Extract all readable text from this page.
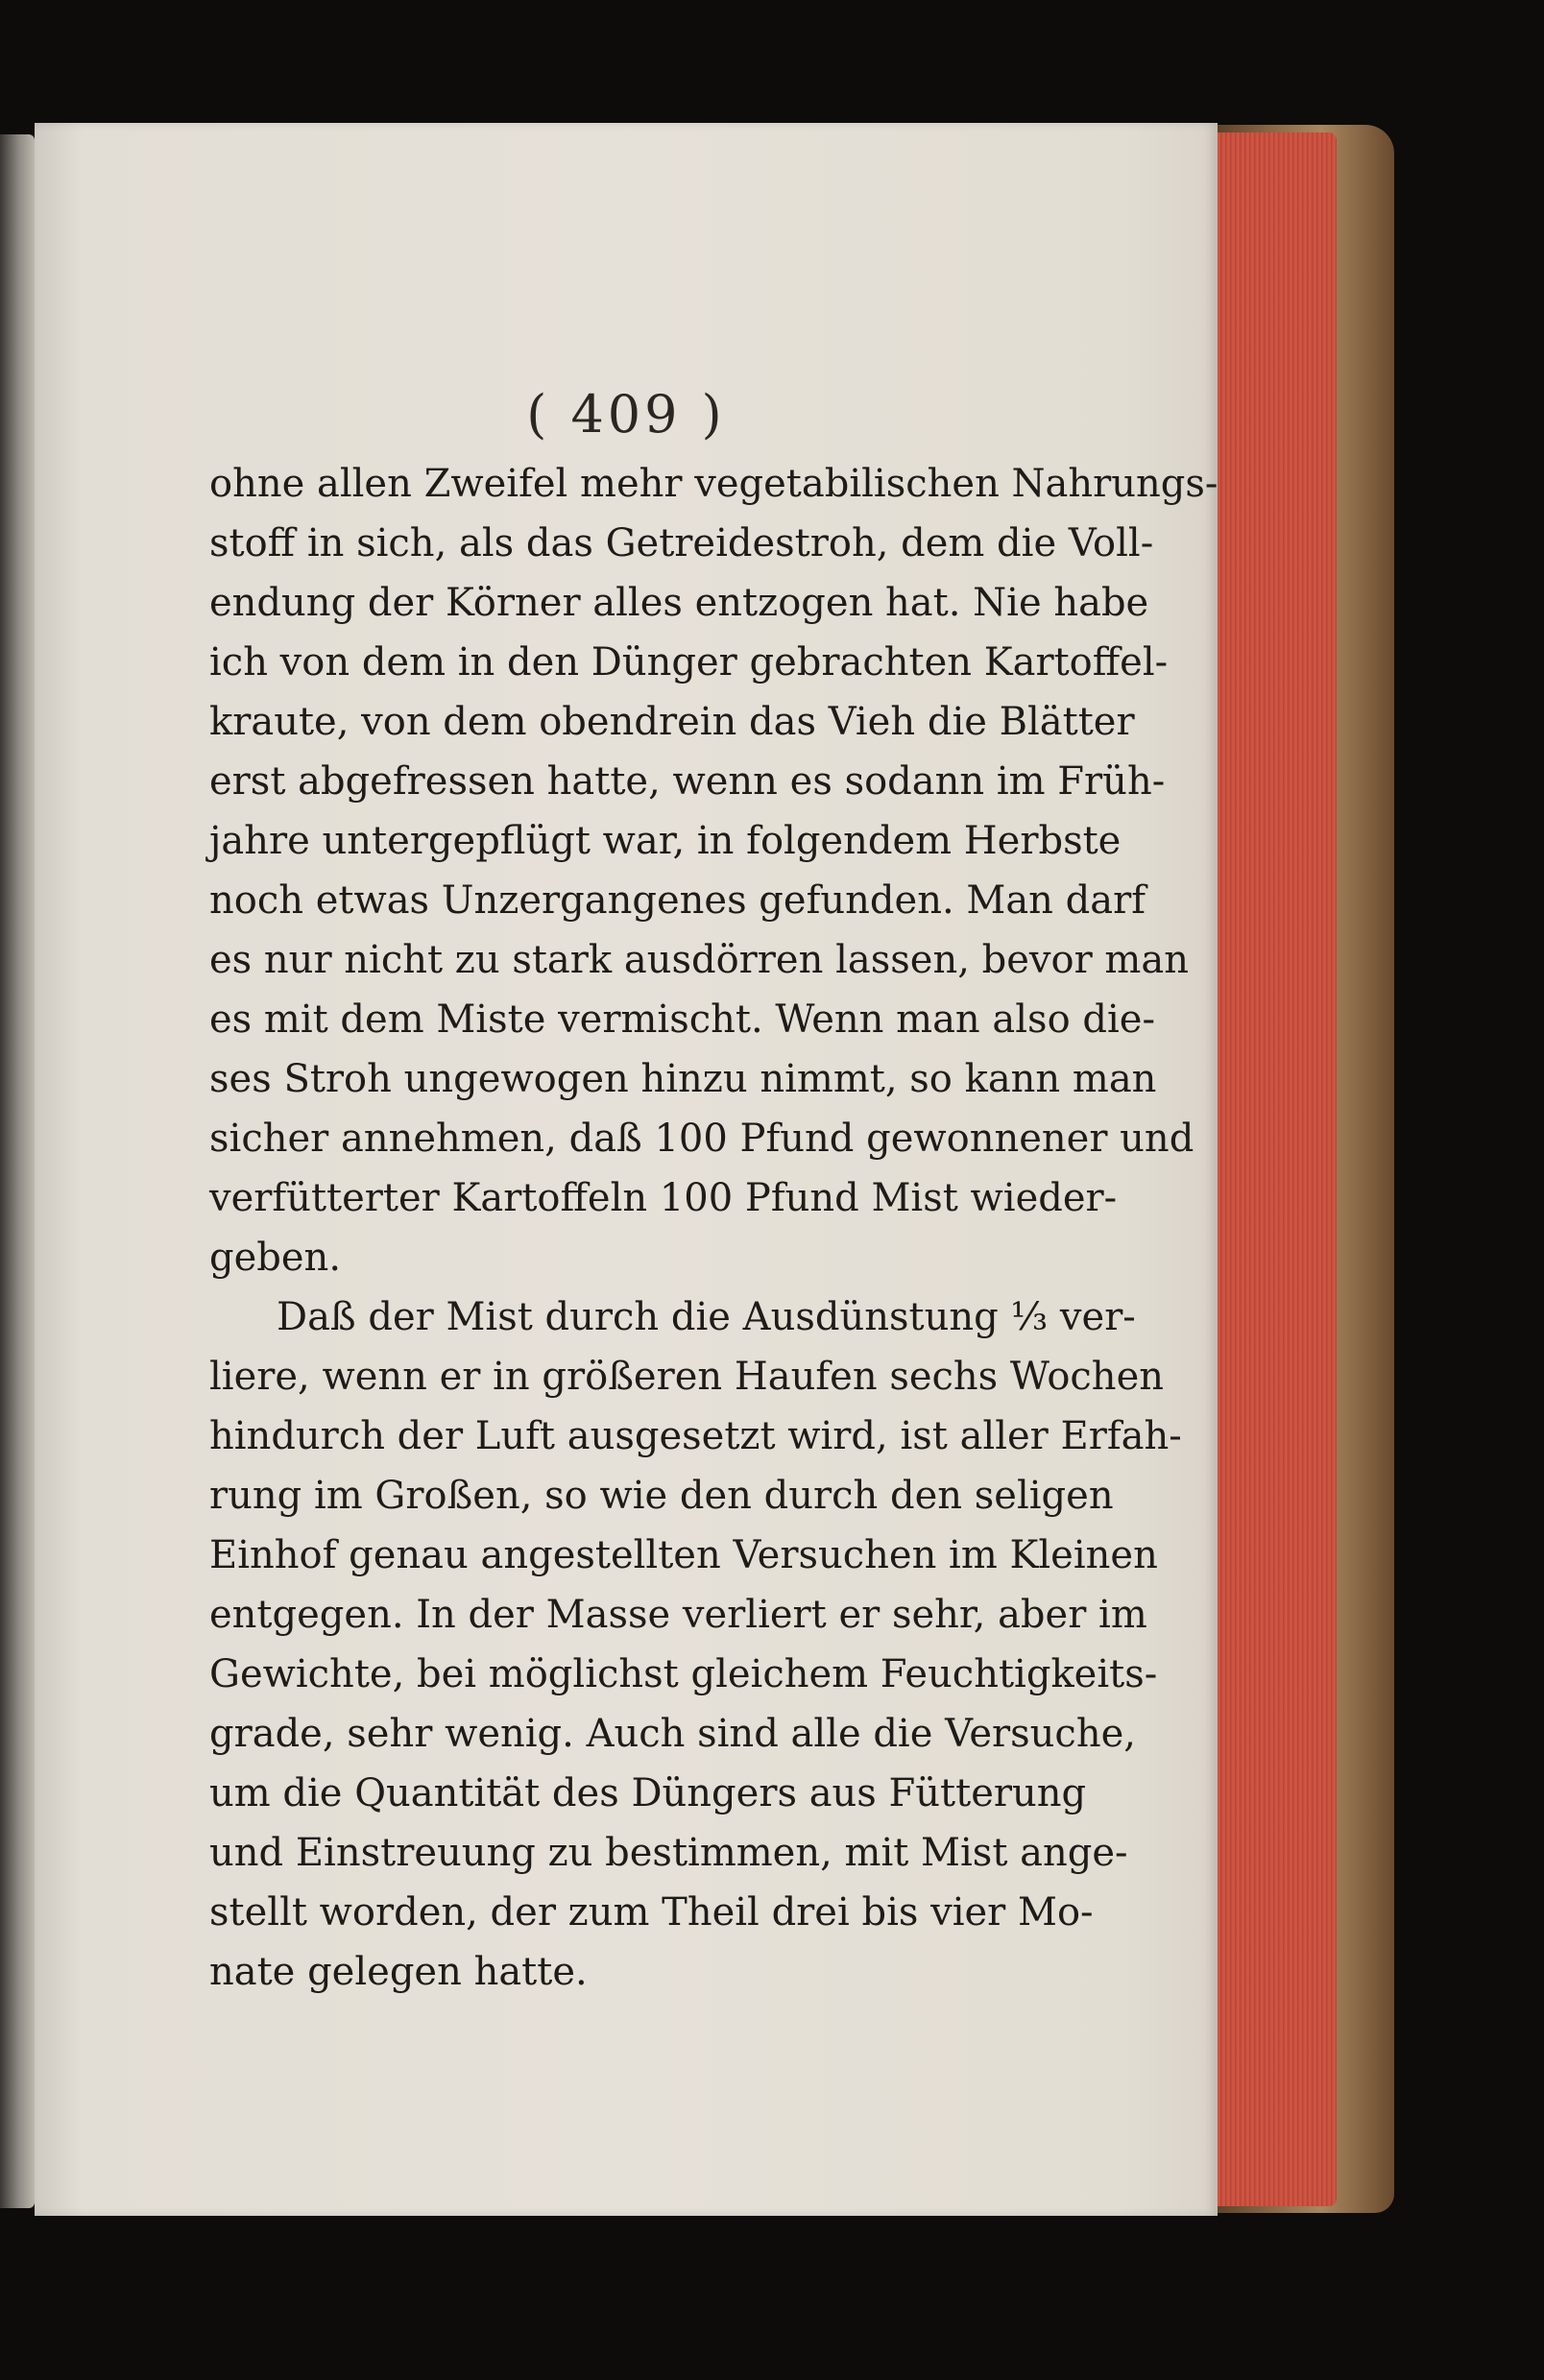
( 409 )
ohne allen Zweifel mehr vegetabilischen Nahrungs-
stoff in sich, als das Getreidestroh, dem die Voll-
endung der Körner alles entzogen hat. Nie habe
ich von dem in den Dünger gebrachten Kartoffel-
kraute, von dem obendrein das Vieh die Blätter
erst abgefressen hatte, wenn es sodann im Früh-
jahre untergepflügt war, in folgendem Herbste
noch etwas Unzergangenes gefunden. Man darf
es nur nicht zu stark ausdörren lassen, bevor man
es mit dem Miste vermischt. Wenn man also die-
ses Stroh ungewogen hinzu nimmt, so kann man
sicher annehmen, daß 100 Pfund gewonnener und
verfütterter Kartoffeln 100 Pfund Mist wieder-
geben.
Daß der Mist durch die Ausdünstung ⅓ ver-
liere, wenn er in größeren Haufen sechs Wochen
hindurch der Luft ausgesetzt wird, ist aller Erfah-
rung im Großen, so wie den durch den seligen
Einhof genau angestellten Versuchen im Kleinen
entgegen. In der Masse verliert er sehr, aber im
Gewichte, bei möglichst gleichem Feuchtigkeits-
grade, sehr wenig. Auch sind alle die Versuche,
um die Quantität des Düngers aus Fütterung
und Einstreuung zu bestimmen, mit Mist ange-
stellt worden, der zum Theil drei bis vier Mo-
nate gelegen hatte.
